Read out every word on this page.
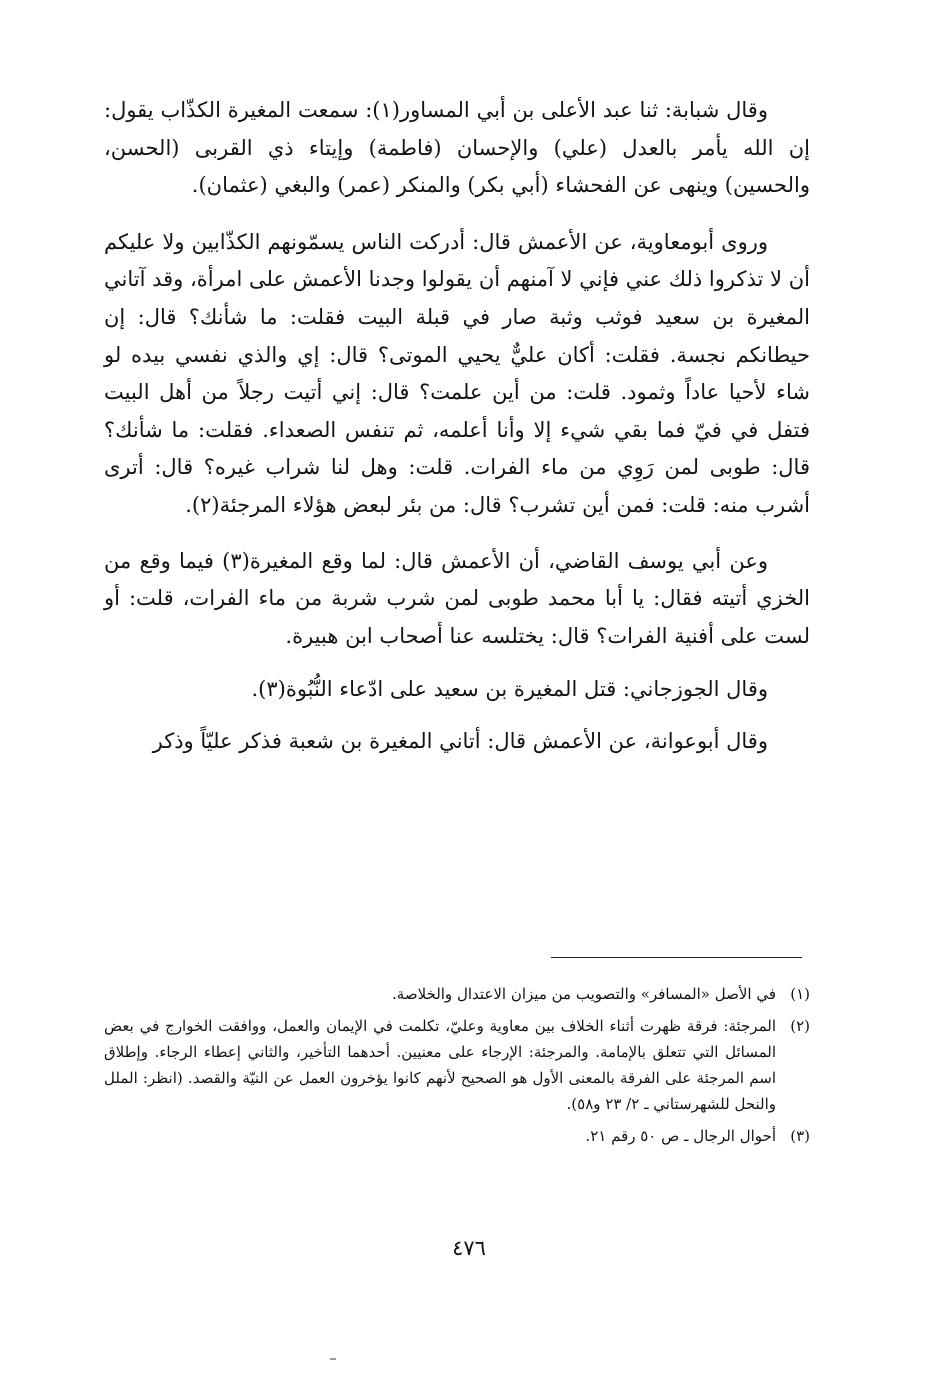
وقال شبابة: ثنا عبد الأعلى بن أبي المساور(١): سمعت المغيرة الكذّاب يقول: إن الله يأمر بالعدل (علي) والإحسان (فاطمة) وإيتاء ذي القربى (الحسن، والحسين) وينهى عن الفحشاء (أبي بكر) والمنكر (عمر) والبغي (عثمان).

وروى أبومعاوية، عن الأعمش قال: أدركت الناس يسمّونهم الكذّابين ولا عليكم أن لا تذكروا ذلك عني فإني لا آمنهم أن يقولوا وجدنا الأعمش على امرأة، وقد آتاني المغيرة بن سعيد فوثب وثبة صار في قبلة البيت فقلت: ما شأنك؟ قال: إن حيطانكم نجسة. فقلت: أكان عليٌّ يحيي الموتى؟ قال: إي والذي نفسي بيده لو شاء لأحيا عاداً وثمود. قلت: من أين علمت؟ قال: إني أتيت رجلاً من أهل البيت فتفل في فيّ فما بقي شيء إلا وأنا أعلمه، ثم تنفس الصعداء. فقلت: ما شأنك؟ قال: طوبى لمن رَوِي من ماء الفرات. قلت: وهل لنا شراب غيره؟ قال: أترى أشرب منه: قلت: فمن أين تشرب؟ قال: من بئر لبعض هؤلاء المرجئة(٢).

وعن أبي يوسف القاضي، أن الأعمش قال: لما وقع المغيرة(٣) فيما وقع من الخزي أتيته فقال: يا أبا محمد طوبى لمن شرب شربة من ماء الفرات، قلت: أو لست على أفنية الفرات؟ قال: يختلسه عنا أصحاب ابن هبيرة.

وقال الجوزجاني: قتل المغيرة بن سعيد على ادّعاء النُّبُوة(٣).

وقال أبوعوانة، عن الأعمش قال: أتاني المغيرة بن شعبة فذكر عليّاً وذكر

(١)
في الأصل «المسافر» والتصويب من ميزان الاعتدال والخلاصة.
(٢)
المرجئة: فرقة ظهرت أثناء الخلاف بين معاوية وعليّ، تكلمت في الإيمان والعمل، ووافقت الخوارج في بعض المسائل التي تتعلق بالإمامة. والمرجئة: الإرجاء على معنيين. أحدهما التأخير، والثاني إعطاء الرجاء. وإطلاق اسم المرجئة على الفرقة بالمعنى الأول هو الصحيح لأنهم كانوا يؤخرون العمل عن النيّة والقصد. (انظر: الملل والنحل للشهرستاني ـ ٢/ ٢٣ و٥٨).
(٣)
أحوال الرجال ـ ص ٥٠ رقم ٢١.
٤٧٦
